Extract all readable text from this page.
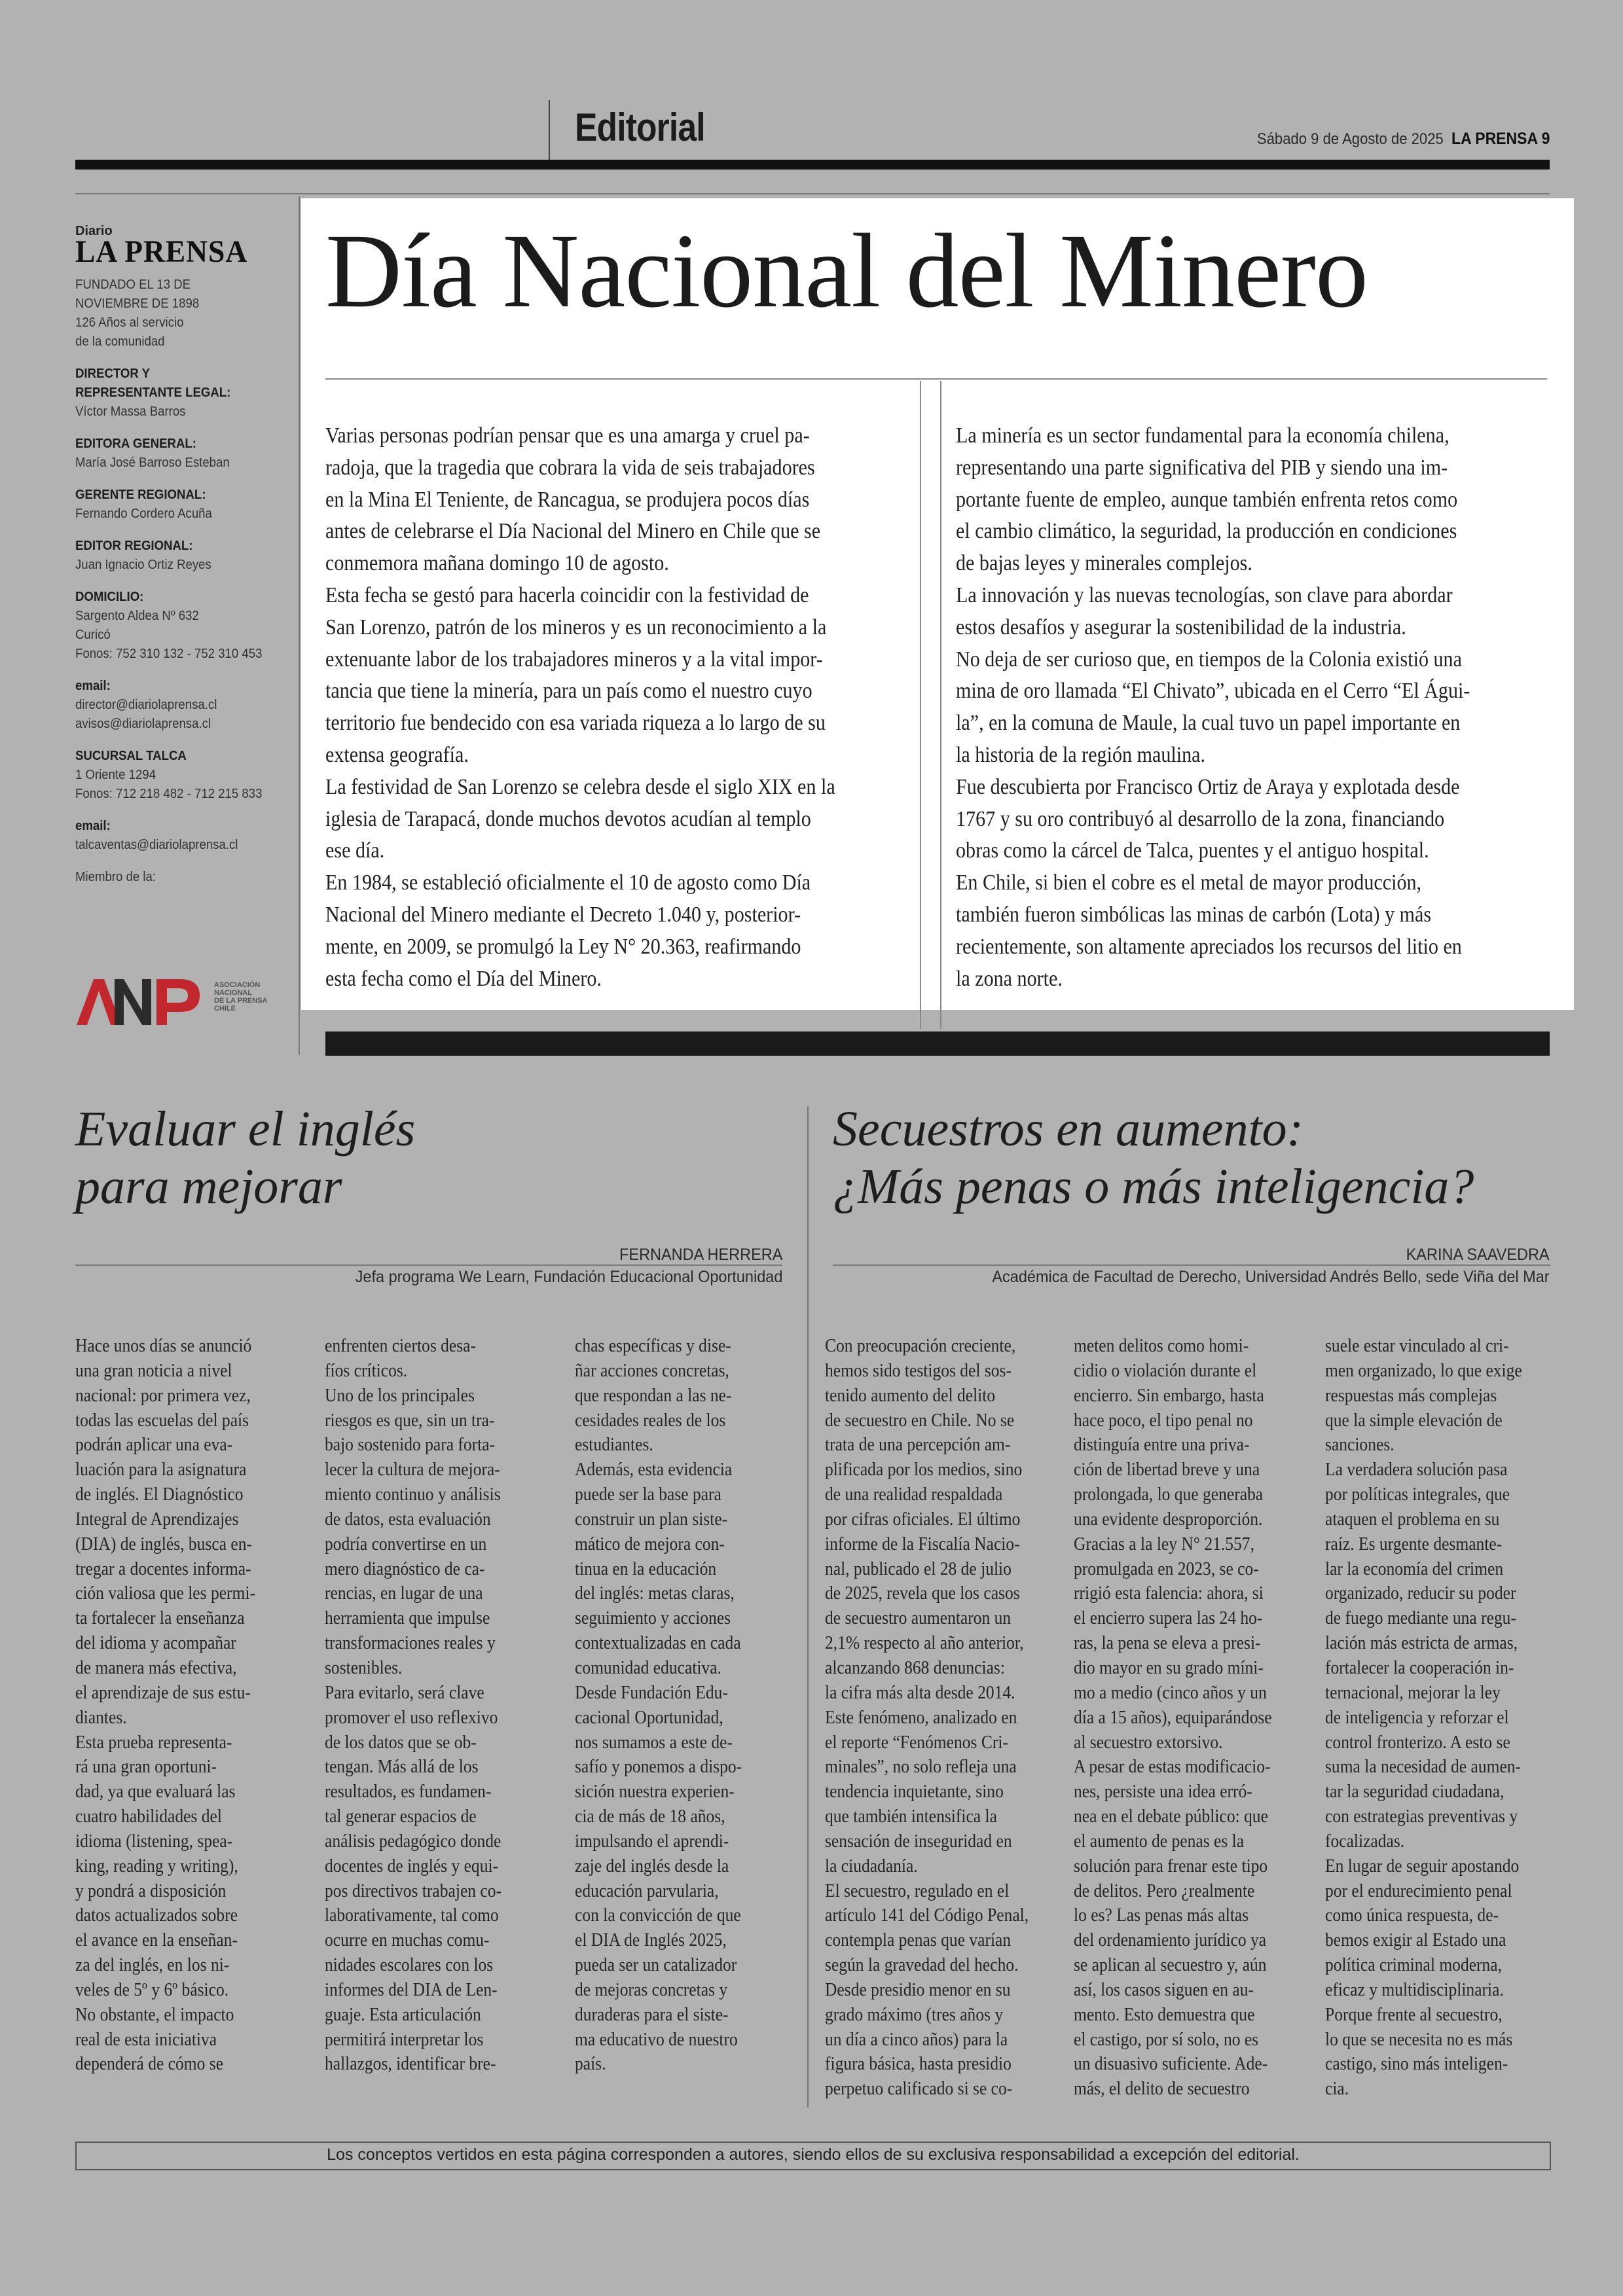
Editorial	Sábado 9 de Agosto de 2025 LA PRENSA 9
Diario
LA PRENSA
FUNDADO EL 13 DE
NOVIEMBRE DE 1898
126 Años al servicio
de la comunidad
DIRECTOR Y
REPRESENTANTE LEGAL:
Víctor Massa Barros
EDITORA GENERAL:
María José Barroso Esteban
GERENTE REGIONAL:
Fernando Cordero Acuña
EDITOR REGIONAL:
Juan Ignacio Ortiz Reyes
DOMICILIO:
Sargento Aldea Nº 632
Curicó
Fonos: 752 310 132 - 752 310 453
email:
director@diariolaprensa.cl
avisos@diariolaprensa.cl
SUCURSAL TALCA
1 Oriente 1294
Fonos: 712 218 482 - 712 215 833
email:
talcaventas@diariolaprensa.cl
Miembro de la:
ASOCIACIÓN
NACIONAL
DE LA PRENSA
CHILE
Día Nacional del Minero
Varias personas podrían pensar que es una amarga y cruel pa-
radoja, que la tragedia que cobrara la vida de seis trabajadores
en la Mina El Teniente, de Rancagua, se produjera pocos días
antes de celebrarse el Día Nacional del Minero en Chile que se
conmemora mañana domingo 10 de agosto.
Esta fecha se gestó para hacerla coincidir con la festividad de
San Lorenzo, patrón de los mineros y es un reconocimiento a la
extenuante labor de los trabajadores mineros y a la vital impor-
tancia que tiene la minería, para un país como el nuestro cuyo
territorio fue bendecido con esa variada riqueza a lo largo de su
extensa geografía.
La festividad de San Lorenzo se celebra desde el siglo XIX en la
iglesia de Tarapacá, donde muchos devotos acudían al templo
ese día.
En 1984, se estableció oficialmente el 10 de agosto como Día
Nacional del Minero mediante el Decreto 1.040 y, posterior-
mente, en 2009, se promulgó la Ley N° 20.363, reafirmando
esta fecha como el Día del Minero.
La minería es un sector fundamental para la economía chilena,
representando una parte significativa del PIB y siendo una im-
portante fuente de empleo, aunque también enfrenta retos como
el cambio climático, la seguridad, la producción en condiciones
de bajas leyes y minerales complejos.
La innovación y las nuevas tecnologías, son clave para abordar
estos desafíos y asegurar la sostenibilidad de la industria.
No deja de ser curioso que, en tiempos de la Colonia existió una
mina de oro llamada “El Chivato”, ubicada en el Cerro “El Águi-
la”, en la comuna de Maule, la cual tuvo un papel importante en
la historia de la región maulina.
Fue descubierta por Francisco Ortiz de Araya y explotada desde
1767 y su oro contribuyó al desarrollo de la zona, financiando
obras como la cárcel de Talca, puentes y el antiguo hospital.
En Chile, si bien el cobre es el metal de mayor producción,
también fueron simbólicas las minas de carbón (Lota) y más
recientemente, son altamente apreciados los recursos del litio en
la zona norte.
Evaluar el inglés
para mejorar
FERNANDA HERRERA
Jefa programa We Learn, Fundación Educacional Oportunidad
Hace unos días se anunció
una gran noticia a nivel
nacional: por primera vez,
todas las escuelas del país
podrán aplicar una eva-
luación para la asignatura
de inglés. El Diagnóstico
Integral de Aprendizajes
(DIA) de inglés, busca en-
tregar a docentes informa-
ción valiosa que les permi-
ta fortalecer la enseñanza
del idioma y acompañar
de manera más efectiva,
el aprendizaje de sus estu-
diantes.
Esta prueba representa-
rá una gran oportuni-
dad, ya que evaluará las
cuatro habilidades del
idioma (listening, spea-
king, reading y writing),
y pondrá a disposición
datos actualizados sobre
el avance en la enseñan-
za del inglés, en los ni-
veles de 5º y 6º básico.
No obstante, el impacto
real de esta iniciativa
dependerá de cómo se
enfrenten ciertos desa-
fíos críticos.
Uno de los principales
riesgos es que, sin un tra-
bajo sostenido para forta-
lecer la cultura de mejora-
miento continuo y análisis
de datos, esta evaluación
podría convertirse en un
mero diagnóstico de ca-
rencias, en lugar de una
herramienta que impulse
transformaciones reales y
sostenibles.
Para evitarlo, será clave
promover el uso reflexivo
de los datos que se ob-
tengan. Más allá de los
resultados, es fundamen-
tal generar espacios de
análisis pedagógico donde
docentes de inglés y equi-
pos directivos trabajen co-
laborativamente, tal como
ocurre en muchas comu-
nidades escolares con los
informes del DIA de Len-
guaje. Esta articulación
permitirá interpretar los
hallazgos, identificar bre-
chas específicas y dise-
ñar acciones concretas,
que respondan a las ne-
cesidades reales de los
estudiantes.
Además, esta evidencia
puede ser la base para
construir un plan siste-
mático de mejora con-
tinua en la educación
del inglés: metas claras,
seguimiento y acciones
contextualizadas en cada
comunidad educativa.
Desde Fundación Edu-
cacional Oportunidad,
nos sumamos a este de-
safío y ponemos a dispo-
sición nuestra experien-
cia de más de 18 años,
impulsando el aprendi-
zaje del inglés desde la
educación parvularia,
con la convicción de que
el DIA de Inglés 2025,
pueda ser un catalizador
de mejoras concretas y
duraderas para el siste-
ma educativo de nuestro
país.
Secuestros en aumento:
¿Más penas o más inteligencia?
KARINA SAAVEDRA
Académica de Facultad de Derecho, Universidad Andrés Bello, sede Viña del Mar
Con preocupación creciente,
hemos sido testigos del sos-
tenido aumento del delito
de secuestro en Chile. No se
trata de una percepción am-
plificada por los medios, sino
de una realidad respaldada
por cifras oficiales. El último
informe de la Fiscalía Nacio-
nal, publicado el 28 de julio
de 2025, revela que los casos
de secuestro aumentaron un
2,1% respecto al año anterior,
alcanzando 868 denuncias:
la cifra más alta desde 2014.
Este fenómeno, analizado en
el reporte “Fenómenos Cri-
minales”, no solo refleja una
tendencia inquietante, sino
que también intensifica la
sensación de inseguridad en
la ciudadanía.
El secuestro, regulado en el
artículo 141 del Código Penal,
contempla penas que varían
según la gravedad del hecho.
Desde presidio menor en su
grado máximo (tres años y
un día a cinco años) para la
figura básica, hasta presidio
perpetuo calificado si se co-
meten delitos como homi-
cidio o violación durante el
encierro. Sin embargo, hasta
hace poco, el tipo penal no
distinguía entre una priva-
ción de libertad breve y una
prolongada, lo que generaba
una evidente desproporción.
Gracias a la ley N° 21.557,
promulgada en 2023, se co-
rrigió esta falencia: ahora, si
el encierro supera las 24 ho-
ras, la pena se eleva a presi-
dio mayor en su grado míni-
mo a medio (cinco años y un
día a 15 años), equiparándose
al secuestro extorsivo.
A pesar de estas modificacio-
nes, persiste una idea erró-
nea en el debate público: que
el aumento de penas es la
solución para frenar este tipo
de delitos. Pero ¿realmente
lo es? Las penas más altas
del ordenamiento jurídico ya
se aplican al secuestro y, aún
así, los casos siguen en au-
mento. Esto demuestra que
el castigo, por sí solo, no es
un disuasivo suficiente. Ade-
más, el delito de secuestro
suele estar vinculado al cri-
men organizado, lo que exige
respuestas más complejas
que la simple elevación de
sanciones.
La verdadera solución pasa
por políticas integrales, que
ataquen el problema en su
raíz. Es urgente desmante-
lar la economía del crimen
organizado, reducir su poder
de fuego mediante una regu-
lación más estricta de armas,
fortalecer la cooperación in-
ternacional, mejorar la ley
de inteligencia y reforzar el
control fronterizo. A esto se
suma la necesidad de aumen-
tar la seguridad ciudadana,
con estrategias preventivas y
focalizadas.
En lugar de seguir apostando
por el endurecimiento penal
como única respuesta, de-
bemos exigir al Estado una
política criminal moderna,
eficaz y multidisciplinaria.
Porque frente al secuestro,
lo que se necesita no es más
castigo, sino más inteligen-
cia.
Los conceptos vertidos en esta página corresponden a autores, siendo ellos de su exclusiva responsabilidad a excepción del editorial.
